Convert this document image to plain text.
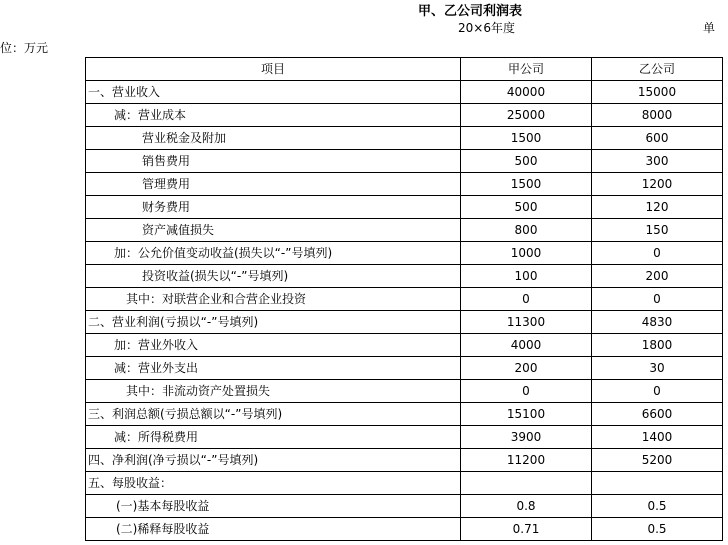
甲、乙公司利润表
20×6年度	单
位：万元
项目	甲公司	乙公司
一、营业收入	40000	15000
减：营业成本	25000	8000
营业税金及附加	1500	600
销售费用	500	300
管理费用	1500	1200
财务费用	500	120
资产减值损失	800	150
加：公允价值变动收益(损失以“-”号填列)	1000	0
投资收益(损失以“-”号填列)	100	200
其中：对联营企业和合营企业投资	0	0
二、营业利润(亏损以“-”号填列)	11300	4830
加：营业外收入	4000	1800
减：营业外支出	200	30
其中：非流动资产处置损失	0	0
三、利润总额(亏损总额以“-”号填列)	15100	6600
减：所得税费用	3900	1400
四、净利润(净亏损以“-”号填列)	11200	5200
五、每股收益：		
(一)基本每股收益	0.8	0.5
(二)稀释每股收益	0.71	0.5
